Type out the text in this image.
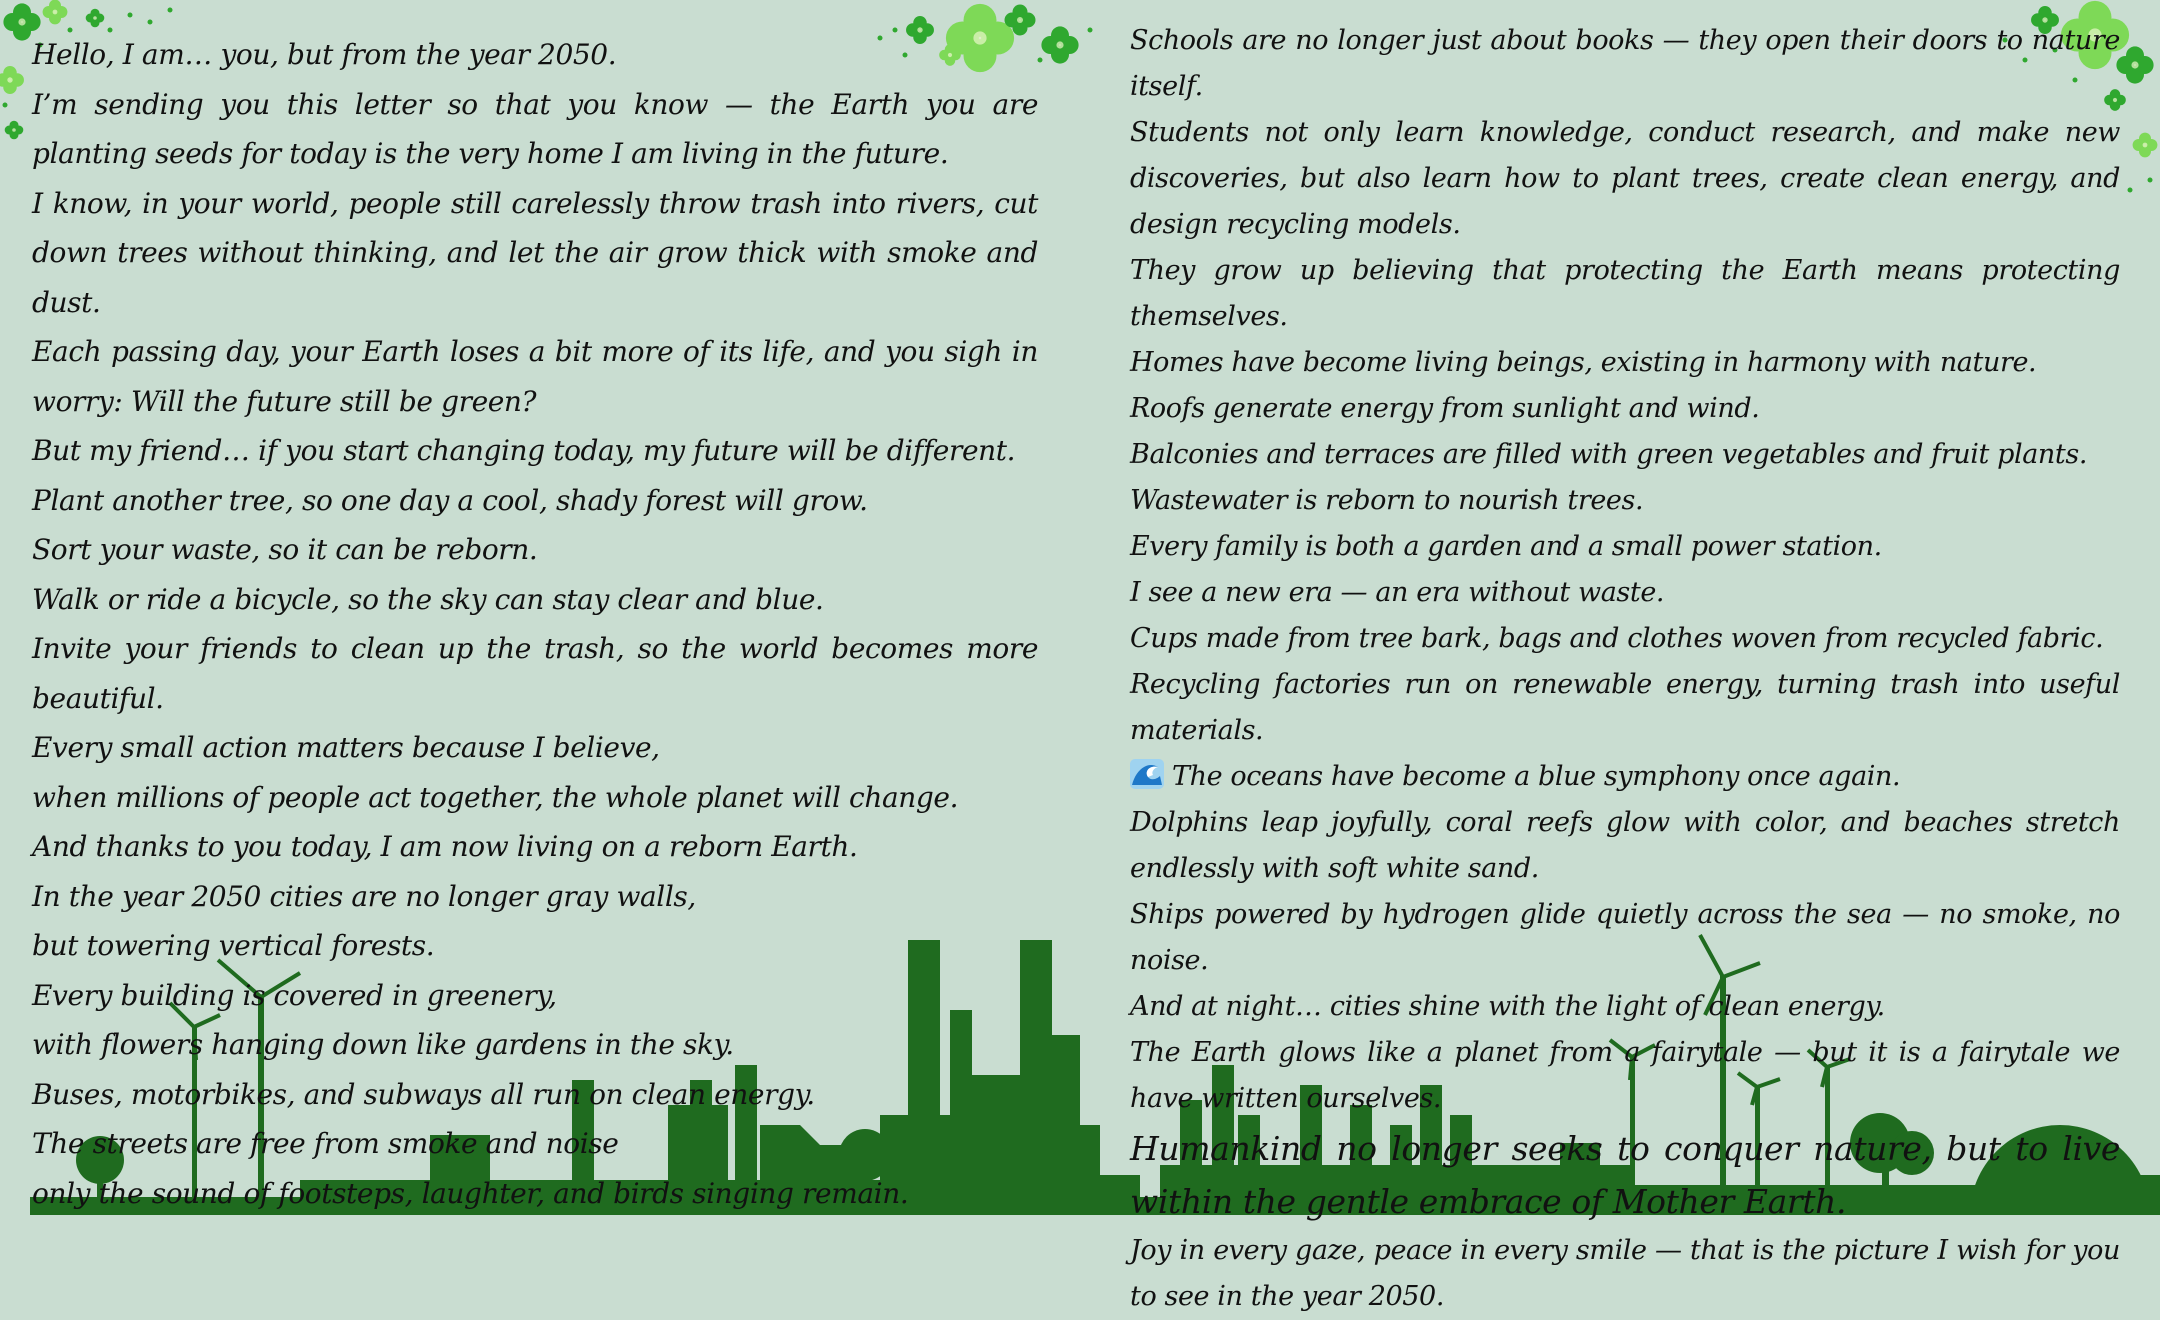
Hello, I am… you, but from the year 2050.

I’m sending you this letter so that you know — the Earth you are planting seeds for today is the very home I am living in the future.

I know, in your world, people still carelessly throw trash into rivers, cut down trees without thinking, and let the air grow thick with smoke and dust.

Each passing day, your Earth loses a bit more of its life, and you sigh in worry: Will the future still be green?

But my friend… if you start changing today, my future will be different.

Plant another tree, so one day a cool, shady forest will grow.

Sort your waste, so it can be reborn.

Walk or ride a bicycle, so the sky can stay clear and blue.

Invite your friends to clean up the trash, so the world becomes more beautiful.

Every small action matters because I believe,

when millions of people act together, the whole planet will change.

And thanks to you today, I am now living on a reborn Earth.

In the year 2050 cities are no longer gray walls,

but towering vertical forests.

Every building is covered in greenery,

with flowers hanging down like gardens in the sky.

Buses, motorbikes, and subways all run on clean energy.

The streets are free from smoke and noise

only the sound of footsteps, laughter, and birds singing remain.

Schools are no longer just about books — they open their doors to nature itself.

Students not only learn knowledge, conduct research, and make new discoveries, but also learn how to plant trees, create clean energy, and design recycling models.

They grow up believing that protecting the Earth means protecting themselves.

Homes have become living beings, existing in harmony with nature.

Roofs generate energy from sunlight and wind.

Balconies and terraces are filled with green vegetables and fruit plants.

Wastewater is reborn to nourish trees.

Every family is both a garden and a small power station.

I see a new era — an era without waste.

Cups made from tree bark, bags and clothes woven from recycled fabric.

Recycling factories run on renewable energy, turning trash into useful materials.

The oceans have become a blue symphony once again.

Dolphins leap joyfully, coral reefs glow with color, and beaches stretch endlessly with soft white sand.

Ships powered by hydrogen glide quietly across the sea — no smoke, no noise.

And at night… cities shine with the light of clean energy.

The Earth glows like a planet from a fairytale — but it is a fairytale we have written ourselves.

Humankind no longer seeks to conquer nature, but to live within the gentle embrace of Mother Earth.

Joy in every gaze, peace in every smile — that is the picture I wish for you to see in the year 2050.
